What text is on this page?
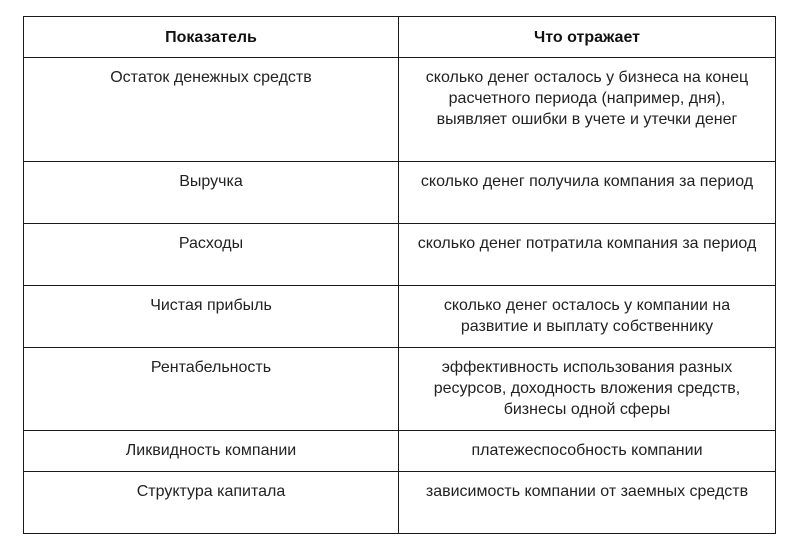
Показатель	Что отражает
Остаток денежных средств	сколько денег осталось у бизнеса на конец расчетного периода (например, дня), выявляет ошибки в учете и утечки денег
Выручка	сколько денег получила компания за период
Расходы	сколько денег потратила компания за период
Чистая прибыль	сколько денег осталось у компании на развитие и выплату собственнику
Рентабельность	эффективность использования разных ресурсов, доходность вложения средств, бизнесы одной сферы
Ликвидность компании	платежеспособность компании
Структура капитала	зависимость компании от заемных средств
